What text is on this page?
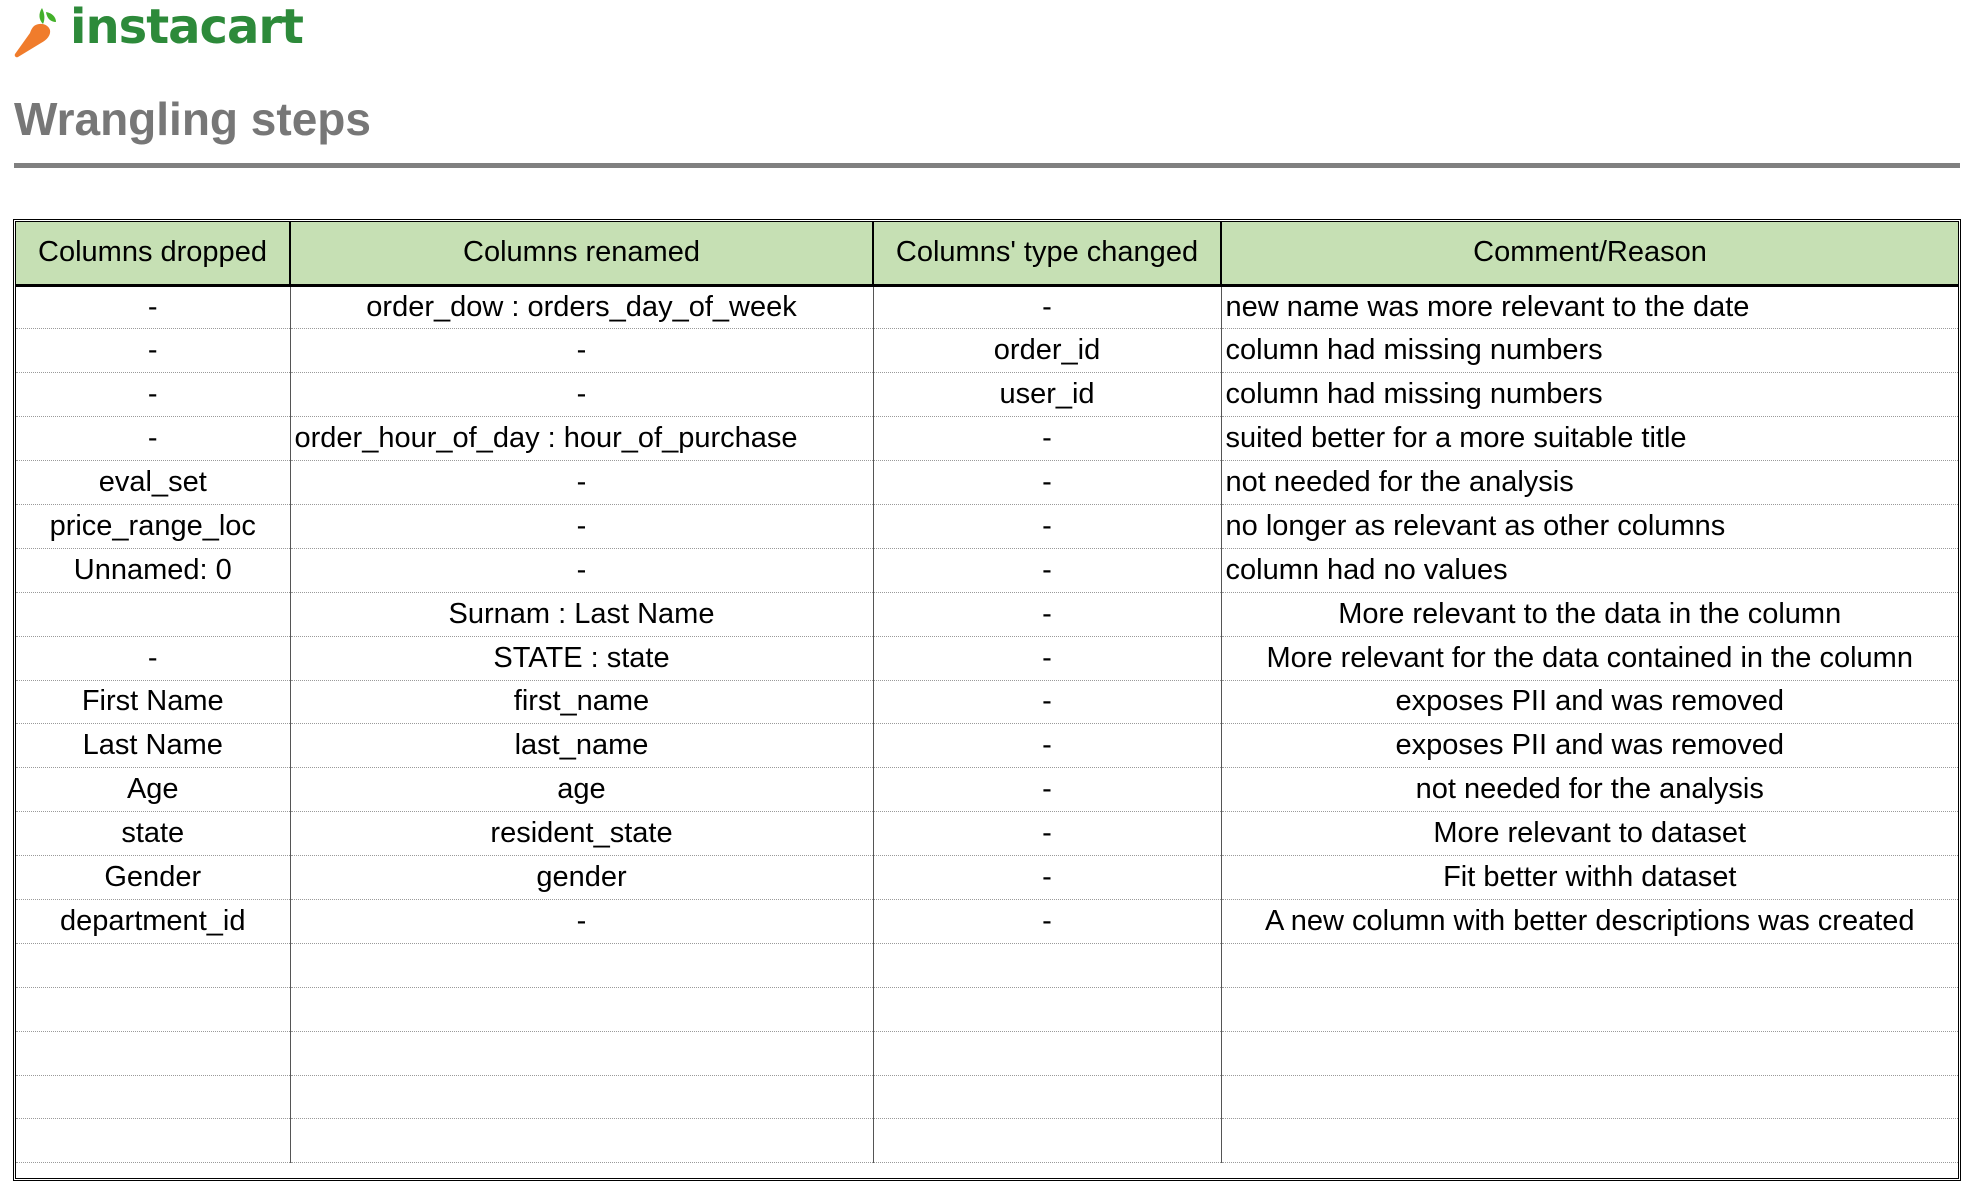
instacart
Wrangling steps
Columns dropped	Columns renamed	Columns' type changed	Comment/Reason
-	order_dow : orders_day_of_week	-	new name was more relevant to the date
-	-	order_id	column had missing numbers
-	-	user_id	column had missing numbers
-	order_hour_of_day : hour_of_purchase	-	suited better for a more suitable title
eval_set	-	-	not needed for the analysis
price_range_loc	-	-	no longer as relevant as other columns
Unnamed: 0	-	-	column had no values
	Surnam : Last Name	-	More relevant to the data in the column
-	STATE : state	-	More relevant for the data contained in the column
First Name	first_name	-	exposes PII and was removed
Last Name	last_name	-	exposes PII and was removed
Age	age	-	not needed for the analysis
state	resident_state	-	More relevant to dataset
Gender	gender	-	Fit better withh dataset
department_id	-	-	A new column with better descriptions was created
